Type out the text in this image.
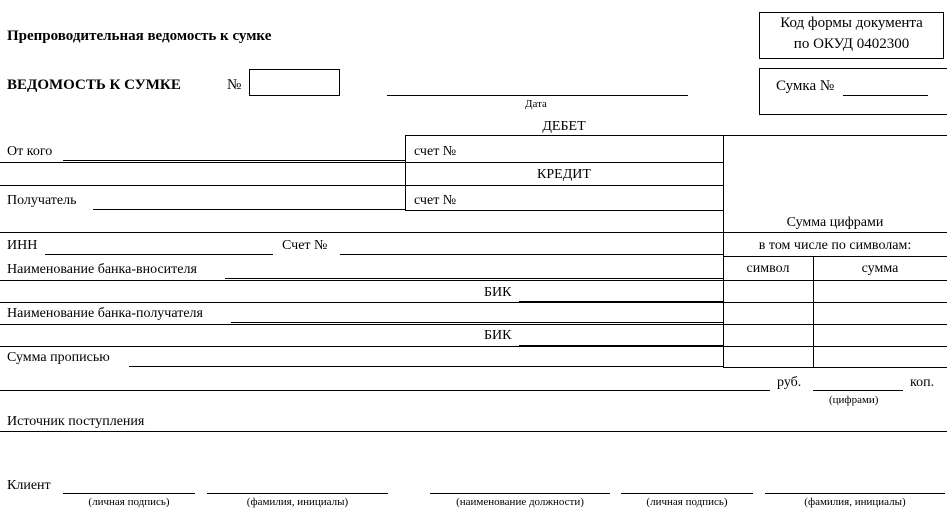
Препроводительная ведомость к сумке
Код формы документа
по ОКУД 0402300
ВЕДОМОСТЬ К СУМКЕ	№
Дата
Сумка №
ДЕБЕТ
От кого	счет №
КРЕДИТ
Получатель	счет №
Сумма цифрами
ИНН	Счет №	в том числе по символам:
Наименование банка-вносителя	символ	сумма
БИК
Наименование банка-получателя
БИК
Сумма прописью
руб.	коп.
(цифрами)
Источник поступления
Клиент
(личная подпись)	(фамилия, инициалы)	(наименование должности)	(личная подпись)	(фамилия, инициалы)
